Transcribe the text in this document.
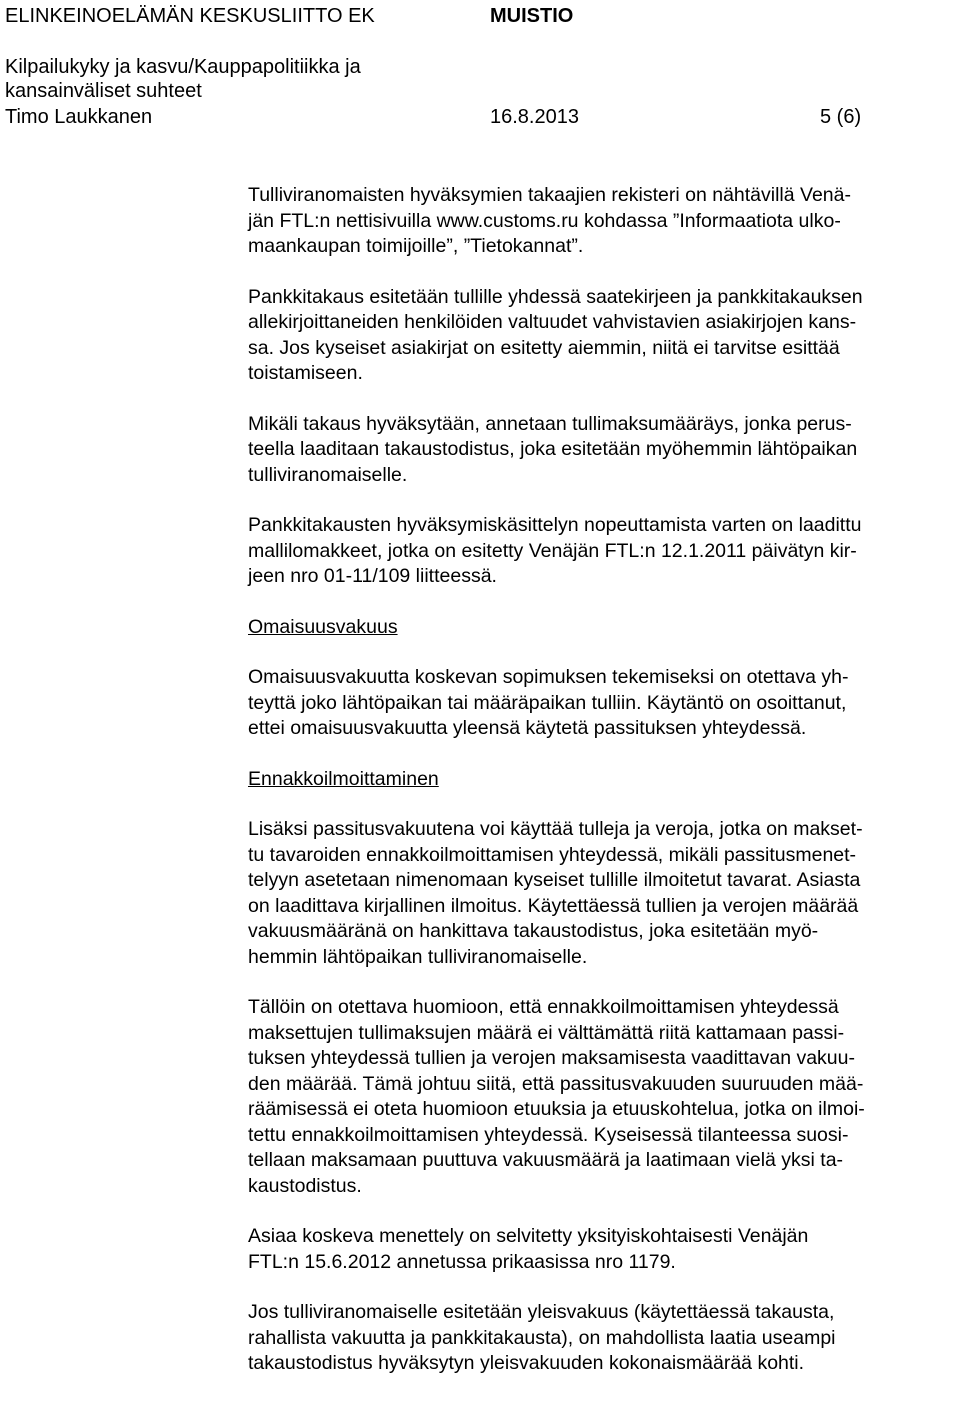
ELINKEINOELÄMÄN KESKUSLIITTO EK	MUISTIO
Kilpailukyky ja kasvu/Kauppapolitiikka ja
kansainväliset suhteet
Timo Laukkanen	16.8.2013	5 (6)

Tulliviranomaisten hyväksymien takaajien rekisteri on nähtävillä Venä-
jän FTL:n nettisivuilla www.customs.ru kohdassa ”Informaatiota ulko-
maankaupan toimijoille”, ”Tietokannat”.

Pankkitakaus esitetään tullille yhdessä saatekirjeen ja pankkitakauksen
allekirjoittaneiden henkilöiden valtuudet vahvistavien asiakirjojen kans-
sa. Jos kyseiset asiakirjat on esitetty aiemmin, niitä ei tarvitse esittää
toistamiseen.

Mikäli takaus hyväksytään, annetaan tullimaksumääräys, jonka perus-
teella laaditaan takaustodistus, joka esitetään myöhemmin lähtöpaikan
tulliviranomaiselle.

Pankkitakausten hyväksymiskäsittelyn nopeuttamista varten on laadittu
mallilomakkeet, jotka on esitetty Venäjän FTL:n 12.1.2011 päivätyn kir-
jeen nro 01-11/109 liitteessä.

Omaisuusvakuus

Omaisuusvakuutta koskevan sopimuksen tekemiseksi on otettava yh-
teyttä joko lähtöpaikan tai määräpaikan tulliin. Käytäntö on osoittanut,
ettei omaisuusvakuutta yleensä käytetä passituksen yhteydessä.

Ennakkoilmoittaminen

Lisäksi passitusvakuutena voi käyttää tulleja ja veroja, jotka on makset-
tu tavaroiden ennakkoilmoittamisen yhteydessä, mikäli passitusmenet-
telyyn asetetaan nimenomaan kyseiset tullille ilmoitetut tavarat. Asiasta
on laadittava kirjallinen ilmoitus. Käytettäessä tullien ja verojen määrää
vakuusmääränä on hankittava takaustodistus, joka esitetään myö-
hemmin lähtöpaikan tulliviranomaiselle.

Tällöin on otettava huomioon, että ennakkoilmoittamisen yhteydessä
maksettujen tullimaksujen määrä ei välttämättä riitä kattamaan passi-
tuksen yhteydessä tullien ja verojen maksamisesta vaadittavan vakuu-
den määrää. Tämä johtuu siitä, että passitusvakuuden suuruuden mää-
räämisessä ei oteta huomioon etuuksia ja etuuskohtelua, jotka on ilmoi-
tettu ennakkoilmoittamisen yhteydessä. Kyseisessä tilanteessa suosi-
tellaan maksamaan puuttuva vakuusmäärä ja laatimaan vielä yksi ta-
kaustodistus.

Asiaa koskeva menettely on selvitetty yksityiskohtaisesti Venäjän
FTL:n 15.6.2012 annetussa prikaasissa nro 1179.

Jos tulliviranomaiselle esitetään yleisvakuus (käytettäessä takausta,
rahallista vakuutta ja pankkitakausta), on mahdollista laatia useampi
takaustodistus hyväksytyn yleisvakuuden kokonaismäärää kohti.
